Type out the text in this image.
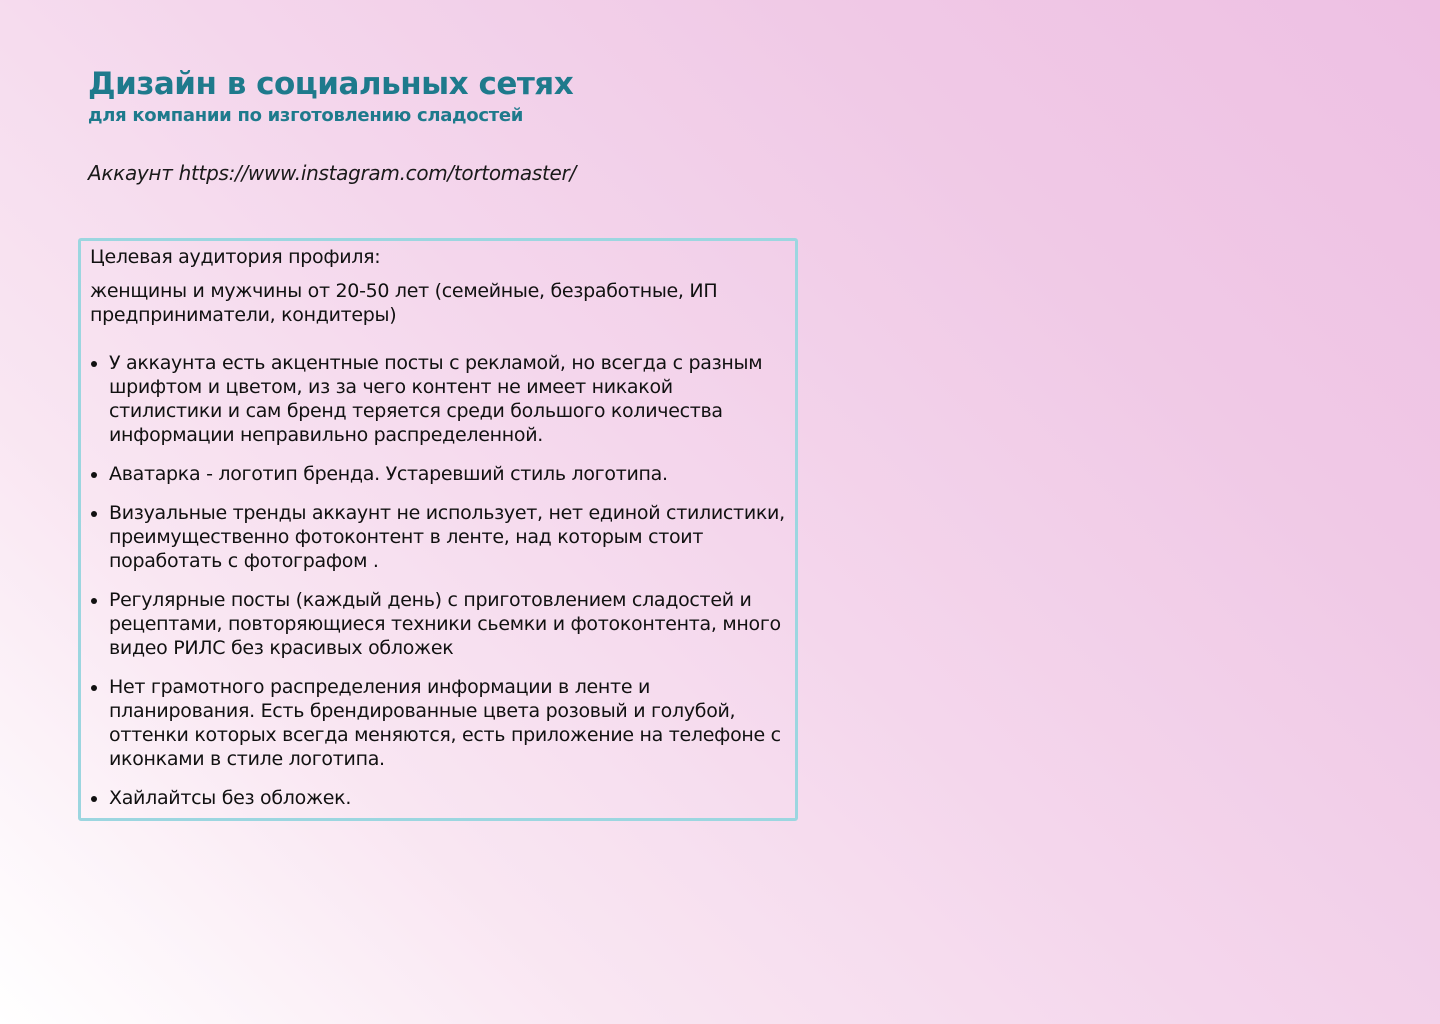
Дизайн в социальных сетях

для компании по изготовлению сладостей

Аккаунт https://www.instagram.com/tortomaster/

Целевая аудитория профиля:

женщины и мужчины от 20-50 лет (семейные, безработные, ИП предприниматели, кондитеры)

У аккаунта есть акцентные посты с рекламой, но всегда с разным шрифтом и цветом, из за чего контент не имеет никакой стилистики и сам бренд теряется среди большого количества информации неправильно распределенной.
Аватарка - логотип бренда. Устаревший стиль логотипа.
Визуальные тренды аккаунт не использует, нет единой стилистики, преимущественно фотоконтент в ленте, над которым стоит поработать с фотографом .
Регулярные посты (каждый день) с приготовлением сладостей и рецептами, повторяющиеся техники сьемки и фотоконтента, много видео РИЛС без красивых обложек
Нет грамотного распределения информации в ленте и планирования. Есть брендированные цвета розовый и голубой, оттенки которых всегда меняются, есть приложение на телефоне с иконками в стиле логотипа.
Хайлайтсы без обложек.
